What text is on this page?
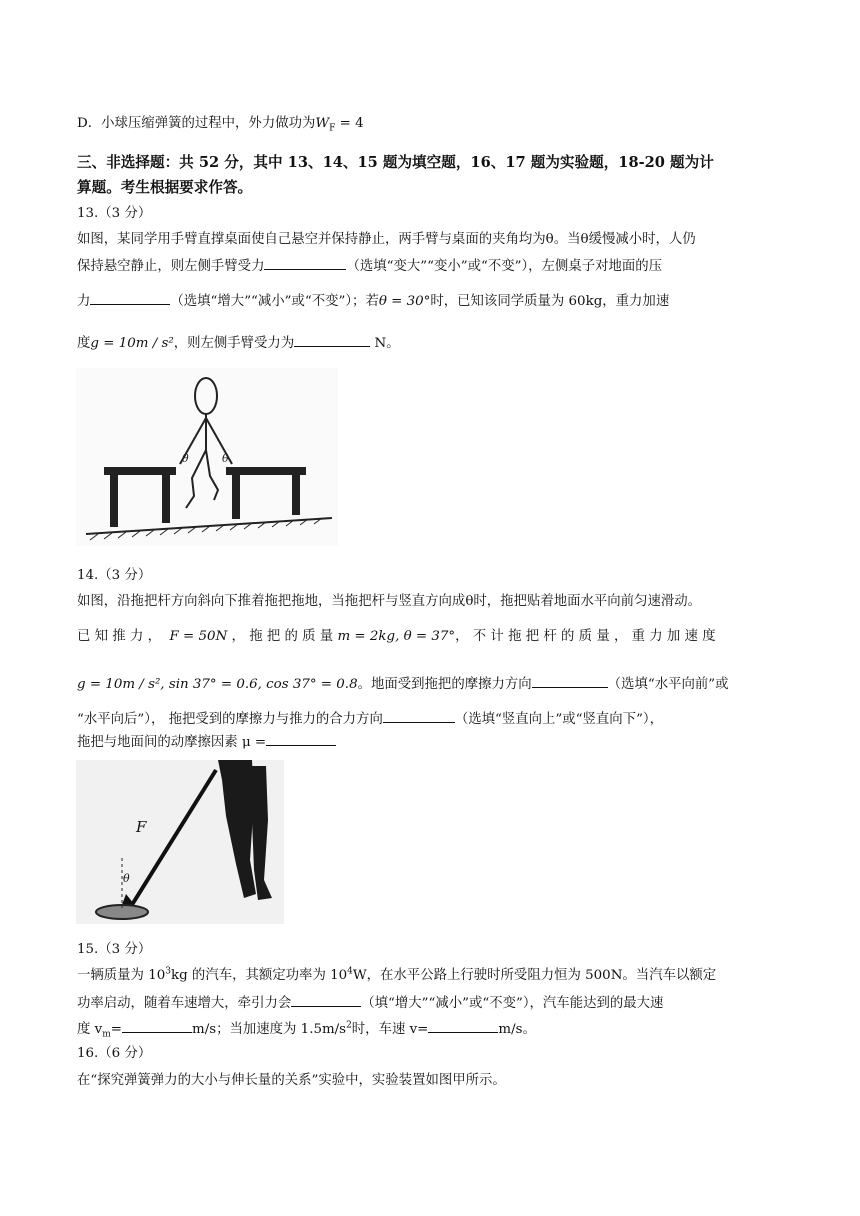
D．小球压缩弹簧的过程中，外力做功为$W_F = 4$
三、非选择题：共 52 分，其中 13、14、15 题为填空题，16、17 题为实验题，18-20 题为计
算题。考生根据要求作答。
13.（3 分）
如图，某同学用手臂直撑桌面使自己悬空并保持静止，两手臂与桌面的夹角均为θ。当θ缓慢减小时，人仍
保持悬空静止，则左侧手臂受力	（选填“变大”“变小”或“不变”），左侧桌子对地面的压
力	（选填“增大”“减小”或“不变”）；若θ = 30°时，已知该同学质量为 60kg，重力加速
度g = 10m / s²，则左侧手臂受力为	N。
θ	θ
14.（3 分）
如图，沿拖把杆方向斜向下推着拖把拖地，当拖把杆与竖直方向成θ时，拖把贴着地面水平向前匀速滑动。
已 知 推 力 ， F = 50N ， 拖 把 的 质 量 m = 2kg, θ = 37°， 不 计 拖 把 杆 的 质 量 ， 重 力 加 速 度
g = 10m / s², sin 37° = 0.6, cos 37° = 0.8。地面受到拖把的摩擦力方向	（选填“水平向前”或
“水平向后”）， 拖把受到的摩擦力与推力的合力方向	（选填“竖直向上”或“竖直向下”），
拖把与地面间的动摩擦因素 μ =
F
θ
15.（3 分）
一辆质量为 $10^3kg$ 的汽车，其额定功率为 $10^4W$，在水平公路上行驶时所受阻力恒为 500N。当汽车以额定
功率启动，随着车速增大，牵引力会	（填“增大”“减小”或“不变”），汽车能达到的最大速
度 $v_m=$	m/s；当加速度为 $1.5m/s^2$时，车速 v=	m/s。
16.（6 分）
在“探究弹簧弹力的大小与伸长量的关系”实验中，实验装置如图甲所示。
